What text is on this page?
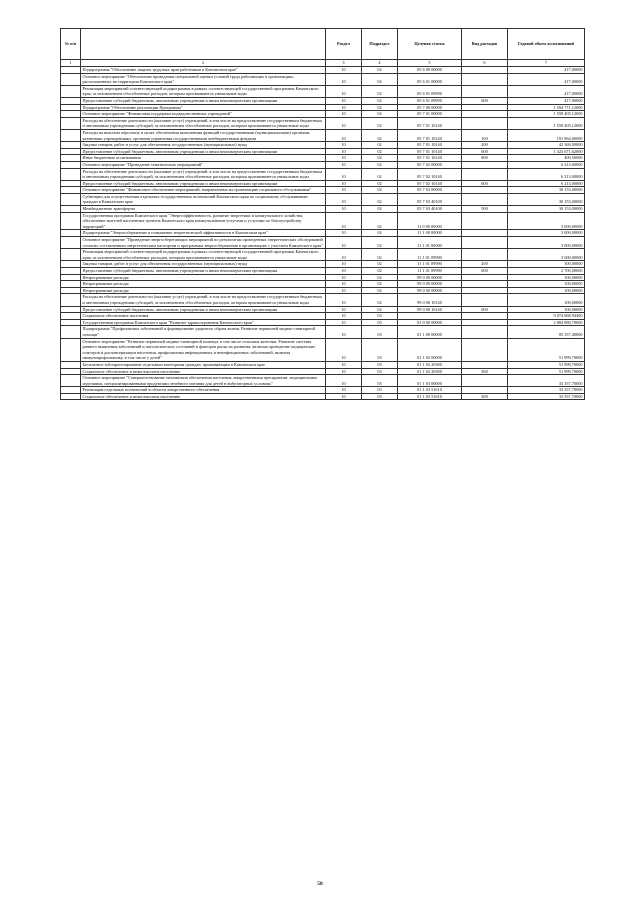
№ п/п		Раздел	Подраздел	Целевая статья	Вид расходов	Годовой объем ассигнований
1	2	3	4	5	6	7
	Подпрограмма "Обеспечение защиты трудовых прав работников в Камчатском крае"	10	02	05 6 00 00000		417,00000
	Основное мероприятие "Обеспечение проведения специальной оценки условий труда работающих в организациях, расположенных на территории Камчатского края"	10	02	05 6 01 00000		417,00000
	Реализация мероприятий соответствующей подпрограммы в рамках соответствующей государственной программы Камчатского края, за исключением обособленных расходов, которым присваиваются уникальные коды	10	02	05 6 01 09990		417,00000
	Предоставление субсидий бюджетным, автономным учреждениям и иным некоммерческим организациям	10	02	05 6 01 09990	600	417,00000
	Подпрограмма "Обеспечение реализации Программы"	10	02	05 7 00 00000		1 594 771,12000
	Основное мероприятие "Финансовая поддержка подведомственных учреждений"	10	02	05 7 01 00000		1 558 405,12000
	Расходы на обеспечение деятельности (оказание услуг) учреждений, в том числе на предоставление государственным бюджетным и автономным учреждениям субсидий, за исключением обособленных расходов, которым присваиваются уникальные коды	10	02	05 7 01 10140		1 558 405,12000
	Расходы на выплаты персоналу в целях обеспечения выполнения функций государственными (муниципальными) органами, казенными учреждениями, органами управления государственными внебюджетными фондами	10	02	05 7 01 10140	100	191 964,00000
	Закупка товаров, работ и услуг для обеспечения государственных (муниципальных) нужд	10	02	05 7 01 10140	200	42 369,00000
	Предоставление субсидий бюджетным, автономным учреждениям и иным некоммерческим организациям	10	02	05 7 01 10140	600	1 323 671,62000
	Иные бюджетные ассигнования	10	02	05 7 01 10140	800	400,50000
	Основное мероприятие "Проведение тематических мероприятий"	10	02	05 7 02 00000		6 213,00000
	Расходы на обеспечение деятельности (оказание услуг) учреждений, в том числе на предоставление государственным бюджетным и автономным учреждениям субсидий, за исключением обособленных расходов, которым присваиваются уникальные коды	10	02	05 7 02 10140		6 213,00000
	Предоставление субсидий бюджетным, автономным учреждениям и иным некоммерческим организациям	10	02	05 7 02 10140	600	6 213,00000
	Основное мероприятие "Финансовое обеспечение мероприятий, направленных на организацию социального обслуживания"	10	02	05 7 03 00000		30 153,00000
	Субвенции для осуществления отдельных государственных полномочий Камчатского края по социальному обслуживанию граждан в Камчатском крае	10	02	05 7 03 40100		30 153,00000
	Межбюджетные трансферты	10	02	05 7 03 40100	500	30 153,00000
	Государственная программа Камчатского края "Энергоэффективность, развитие энергетики и коммунального хозяйства, обеспечение жителей населенных пунктов Камчатского края коммунальными услугами и услугами по благоустройству территорий"	10	02	11 0 00 00000		3 000,00000
	Подпрограмма "Энергосбережение и повышение энергетической эффективности в Камчатском крае"	10	02	11 1 00 00000		3 000,00000
	Основное мероприятие "Проведение энергосберегающих мероприятий по результатам проведенных энергетических обследований согласно составленным энергетическим паспортам и программам энергосбережения в организациях с участием Камчатского края"	10	02	11 1 01 00000		3 000,00000
	Реализация мероприятий соответствующей подпрограммы в рамках соответствующей государственной программы Камчатского края, за исключением обособленных расходов, которым присваиваются уникальные коды	10	02	11 1 01 09990		3 000,00000
	Закупка товаров, работ и услуг для обеспечения государственных (муниципальных) нужд	10	02	11 1 01 09990	200	300,00000
	Предоставление субсидий бюджетным, автономным учреждениям и иным некоммерческим организациям	10	02	11 1 01 09990	600	2 700,00000
	Непрограммные расходы	10	02	99 0 00 00000		100,00000
	Непрограммные расходы	10	02	99 0 00 00000		100,00000
	Непрограммные расходы	10	02	99 0 00 00000		100,00000
	Расходы на обеспечение деятельности (оказание услуг) учреждений, в том числе на предоставление государственным бюджетным и автономным учреждениям субсидий, за исключением обособленных расходов, которым присваиваются уникальные коды	10	02	99 0 00 10140		100,00000
	Предоставление субсидий бюджетным, автономным учреждениям и иным некоммерческим организациям	10	02	99 0 00 10140	600	100,00000
	Социальное обеспечение населения	10	03			9 074 668,94400
	Государственная программа Камчатского края "Развитие здравоохранения Камчатского края"	10	03	01 0 00 00000		2 884 880,70000
	Подпрограмма "Профилактика заболеваний и формирование здорового образа жизни. Развитие первичной медико-санитарной помощи"	10	03	01 1 00 00000		85 357,40000
	Основное мероприятие "Развитие первичной медико-санитарной помощи, в том числе сельским жителям. Развитие системы раннего выявления заболеваний и патологических состояний и факторов риска их развития, включая проведение медицинских осмотров и диспансеризации населения, профилактика инфекционных и неинфекционных заболеваний, включая иммунопрофилактику, в том числе у детей"	10	03	01 1 02 00000		51 999,70000
	Бесплатное зубопротезирование отдельным категориям граждан, проживающим в Камчатском крае	10	03	01 1 02 20380		51 999,70000
	Социальное обеспечение и иные выплаты населению	10	03	01 1 02 20380	300	51 999,70000
	Основное мероприятие "Совершенствование механизмов обеспечения населения лекарственными препаратами, медицинскими изделиями, специализированными продуктами лечебного питания для детей в амбулаторных условиях"	10	03	01 1 03 00000		33 357,70000
	Реализация отдельных полномочий в области лекарственного обеспечения	10	03	01 1 03 51610		33 357,70000
	Социальное обеспечение и иные выплаты населению	10	03	01 1 03 51610	300	33 357,70000
58
